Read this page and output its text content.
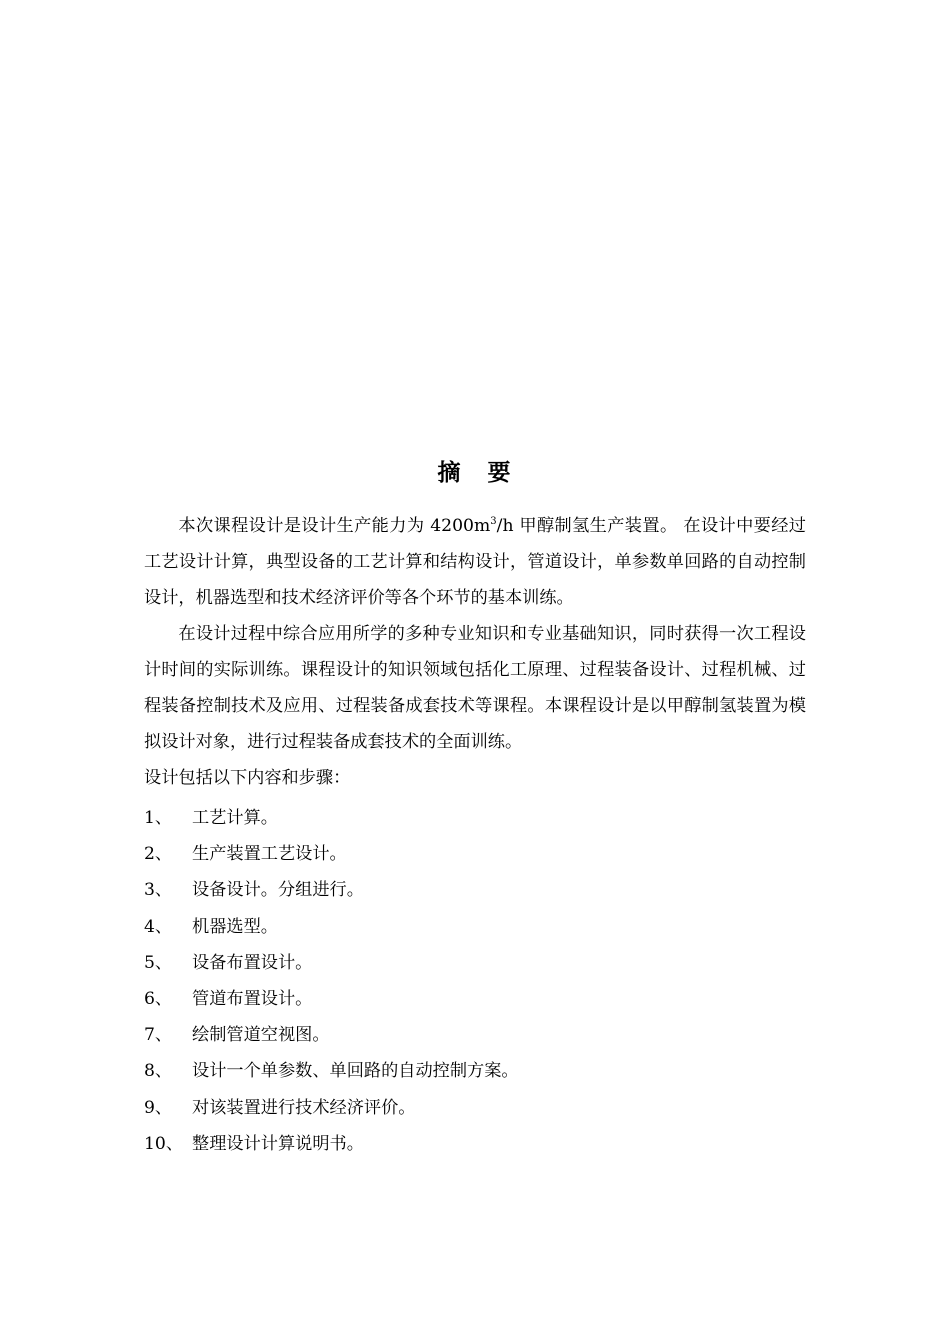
摘　要

本次课程设计是设计生产能力为 $4200m^3/h$ 甲醇制氢生产装置。 在设计中要经过工艺设计计算，典型设备的工艺计算和结构设计，管道设计，单参数单回路的自动控制设计，机器选型和技术经济评价等各个环节的基本训练。

在设计过程中综合应用所学的多种专业知识和专业基础知识，同时获得一次工程设计时间的实际训练。课程设计的知识领域包括化工原理、过程装备设计、过程机械、过程装备控制技术及应用、过程装备成套技术等课程。本课程设计是以甲醇制氢装置为模拟设计对象，进行过程装备成套技术的全面训练。

设计包括以下内容和步骤：

1、 工艺计算。
2、 生产装置工艺设计。
3、 设备设计。分组进行。
4、 机器选型。
5、 设备布置设计。
6、 管道布置设计。
7、 绘制管道空视图。
8、 设计一个单参数、单回路的自动控制方案。
9、 对该装置进行技术经济评价。
10、 整理设计计算说明书。
